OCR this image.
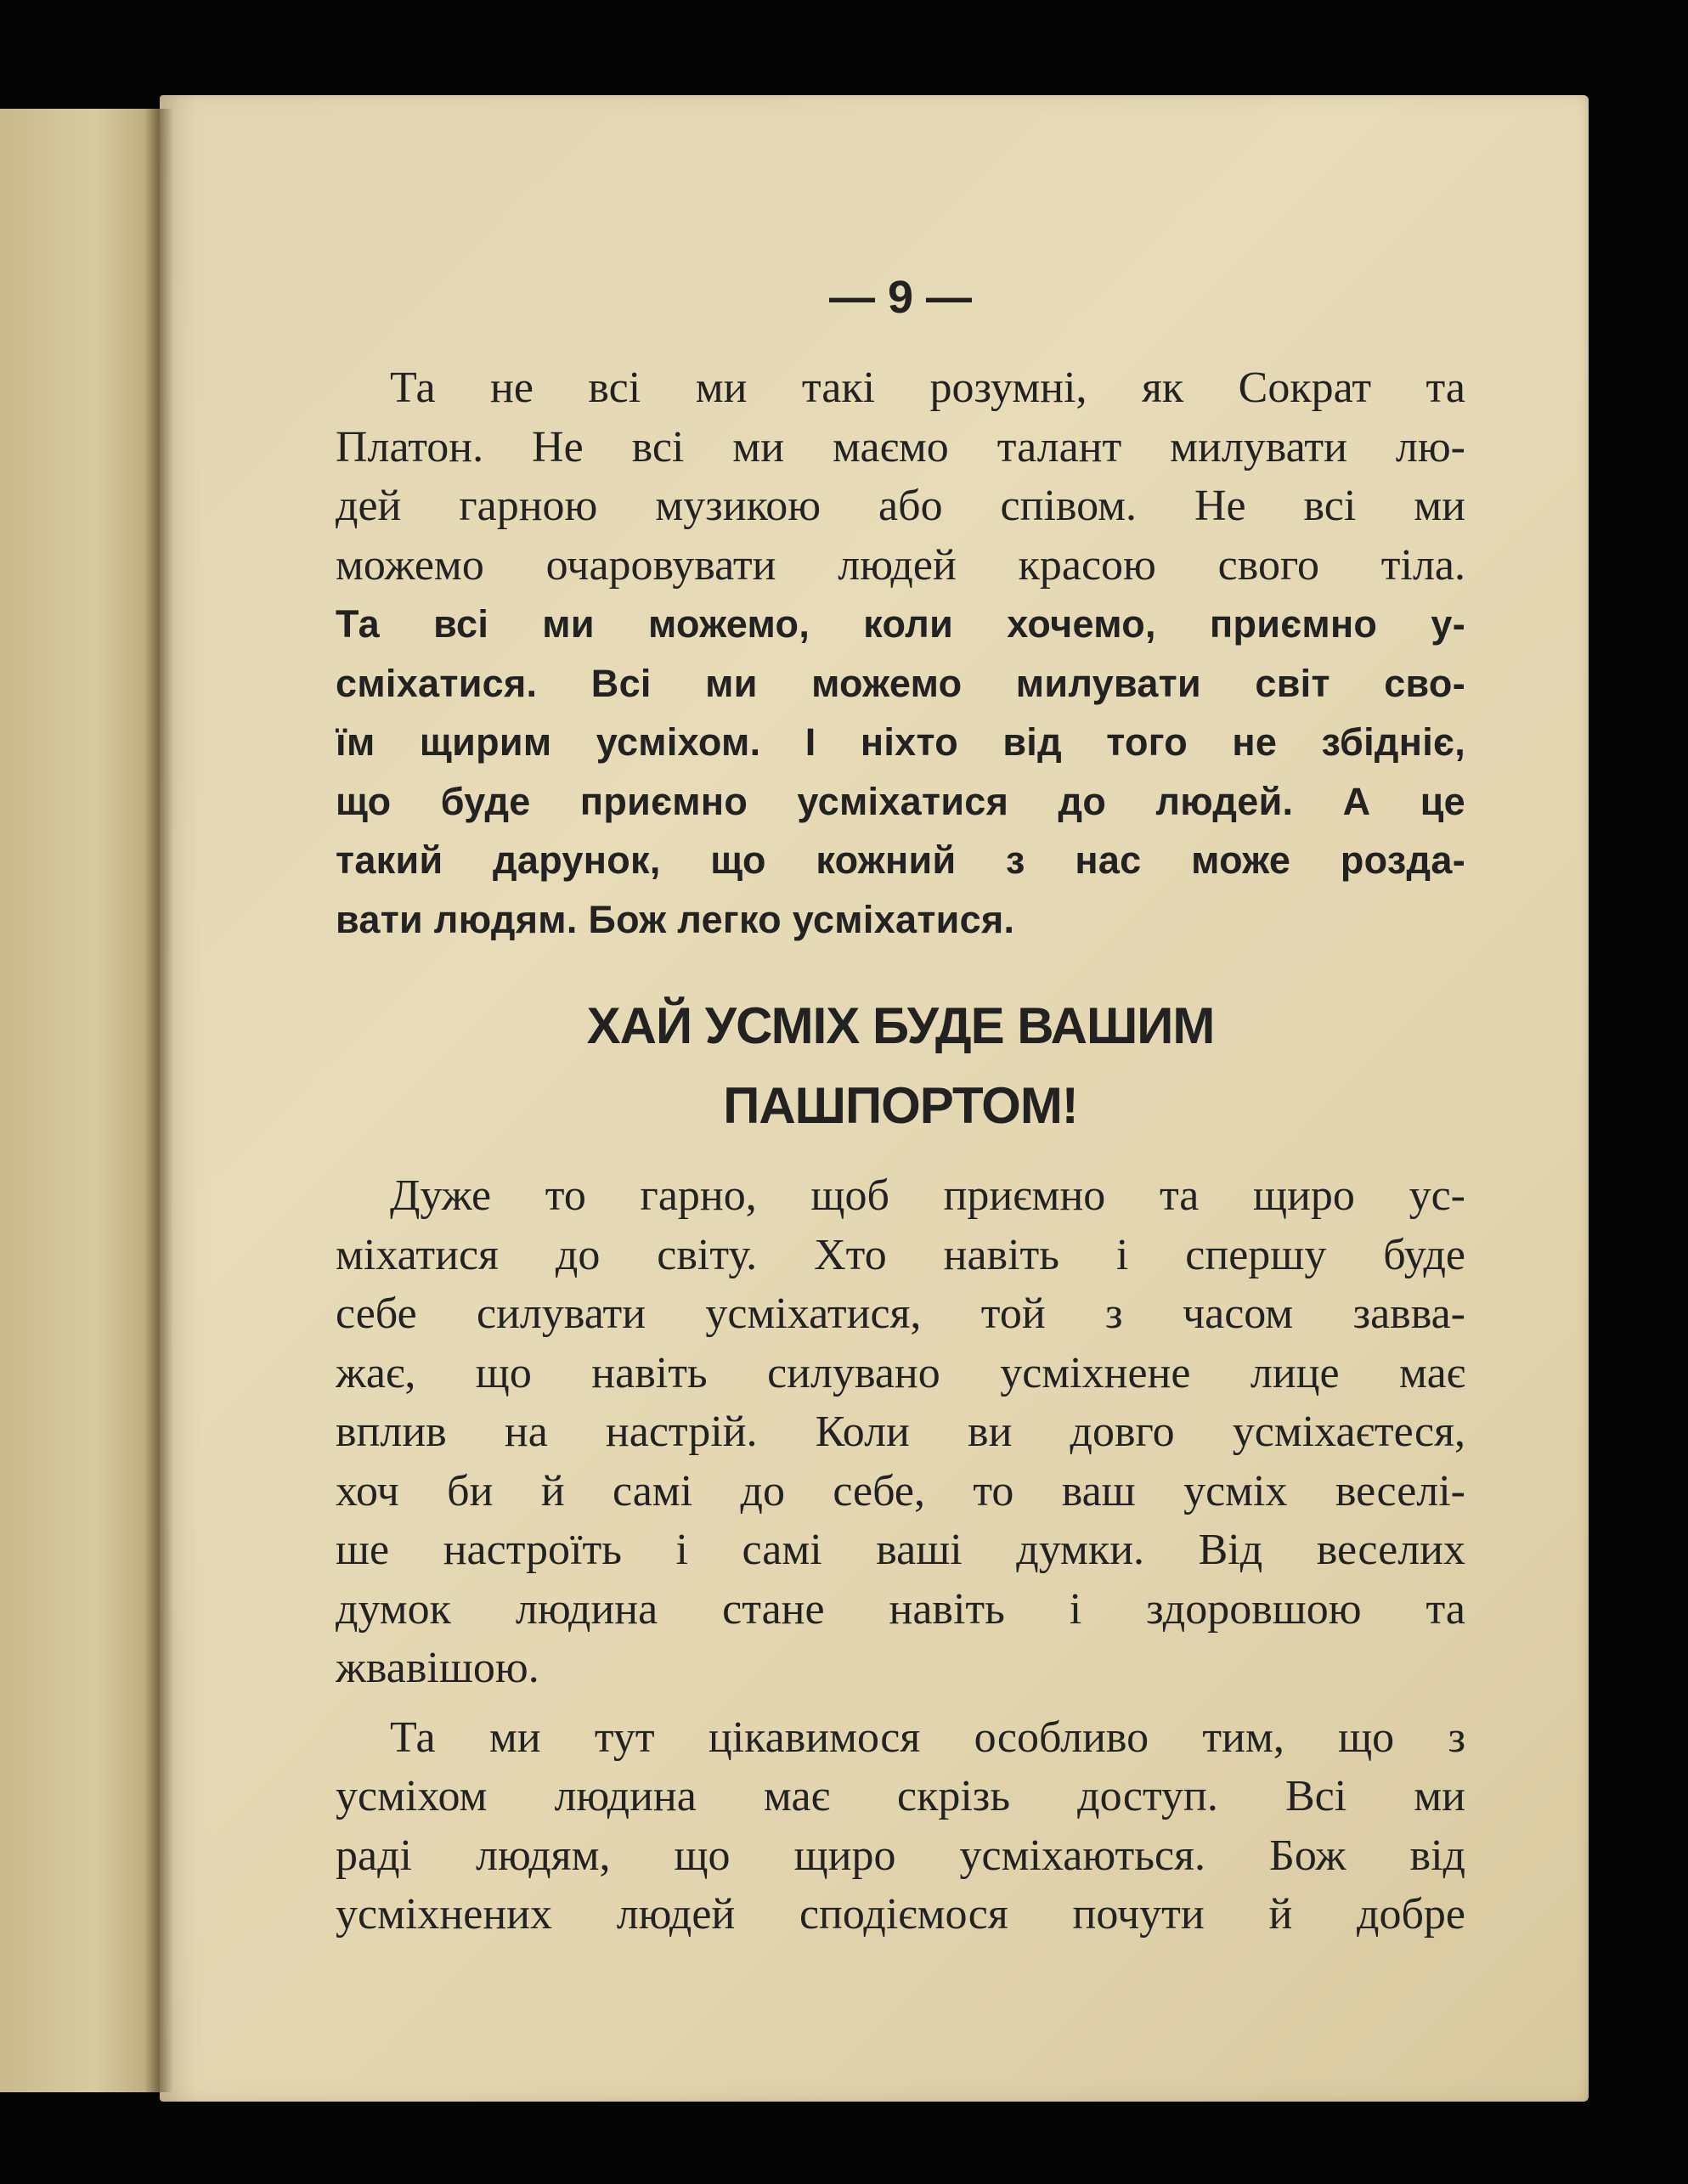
— 9 —
Та не всі ми такі розумні, як Сократ та
Платон. Не всі ми маємо талант милувати лю-
дей гарною музикою або співом. Не всі ми
можемо очаровувати людей красою свого тіла.
Та всі ми можемо, коли хочемо, приємно у-
сміхатися. Всі ми можемо милувати світ сво-
їм щирим усміхом. І ніхто від того не збідніє,
що буде приємно усміхатися до людей. А це
такий дарунок, що кожний з нас може роздa-
вати людям. Бож легко усміхатися.
ХАЙ УСМІХ БУДЕ ВАШИМ
ПАШПОРТОМ!
Дуже то гарно, щоб приємно та щиро ус-
міхатися до світу. Хто навіть і спершу буде
себе силувати усміхатися, той з часом завва-
жає, що навіть силувано усміхнене лице має
вплив на настрій. Коли ви довго усміхаєтеся,
хоч би й самі до себе, то ваш усміх веселі-
ше настроїть і самі ваші думки. Від веселих
думок людина стане навіть і здоровшою та
жвавішою.
Та ми тут цікавимося особливо тим, що з
усміхом людина має скрізь доступ. Всі ми
раді людям, що щиро усміхаються. Бож від
усміхнених людей сподіємося почути й добре
